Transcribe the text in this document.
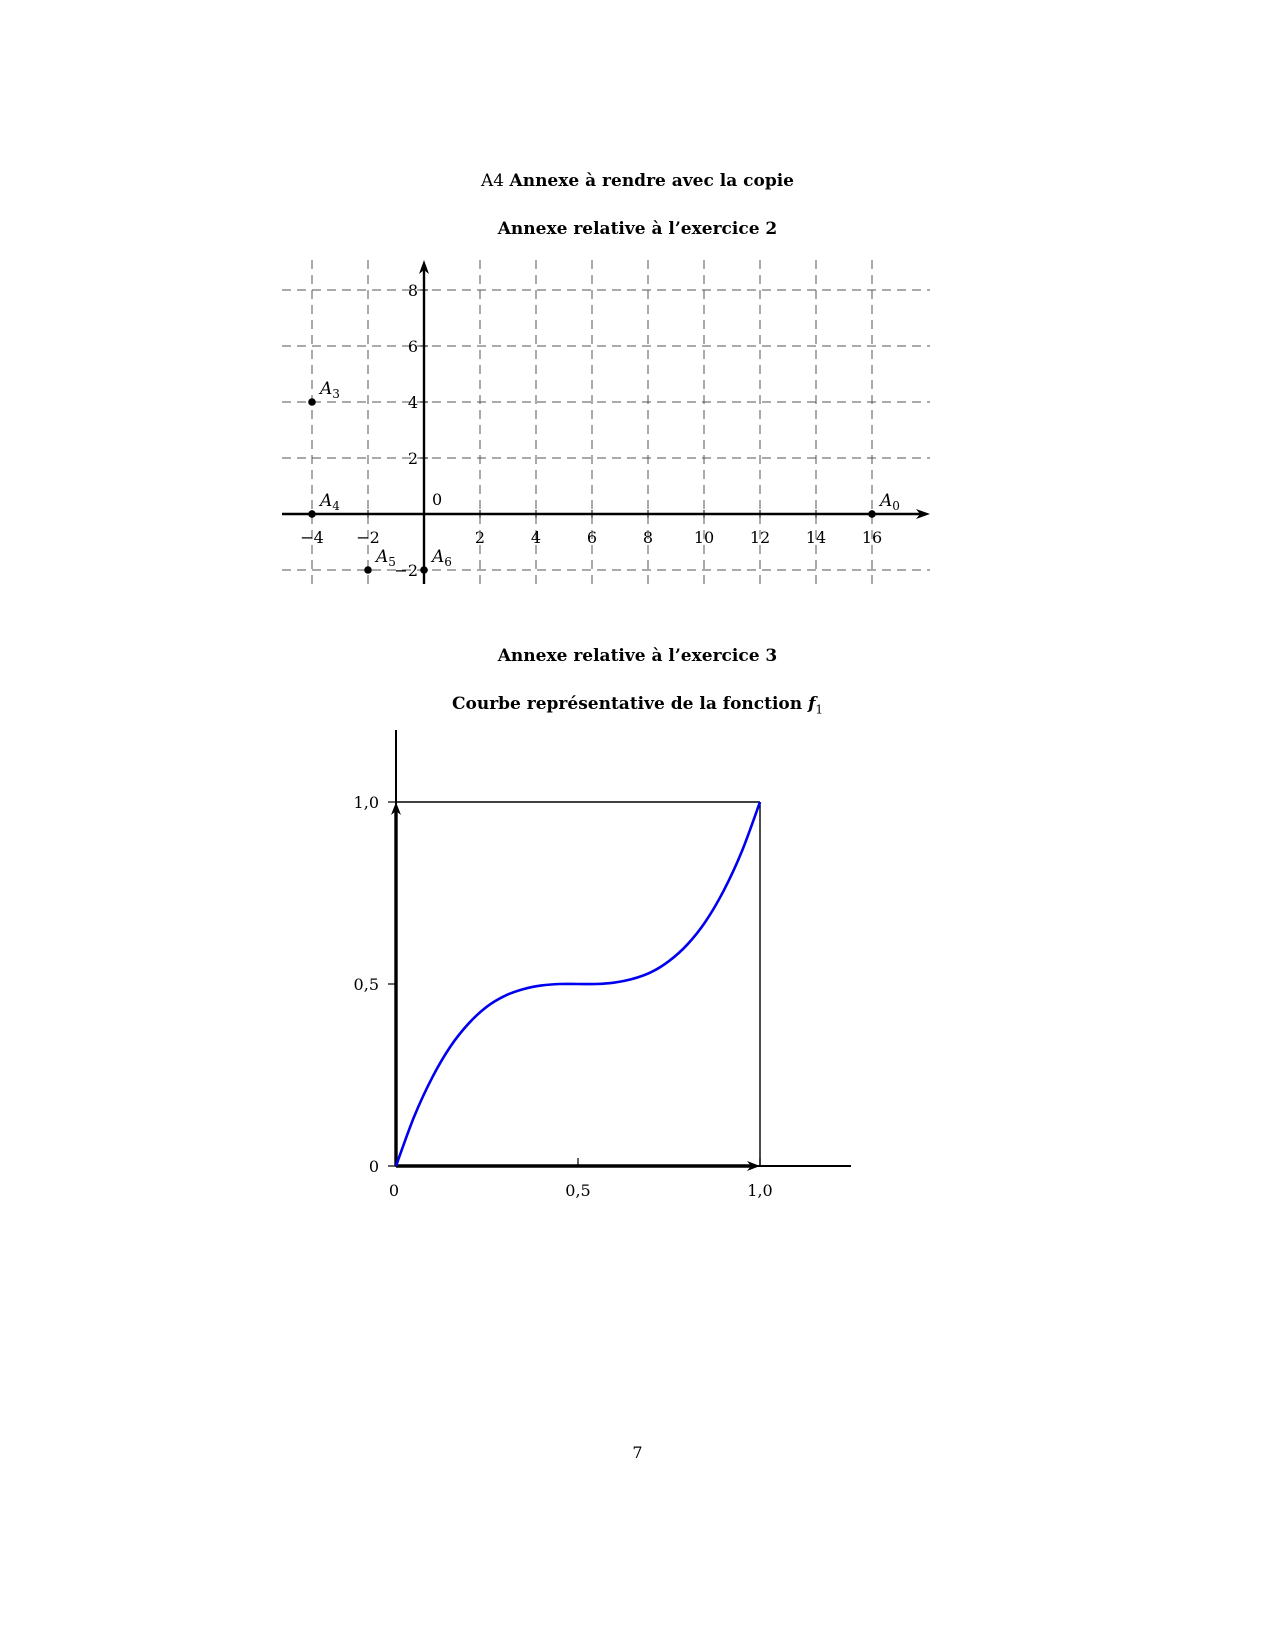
A4 Annexe à rendre avec la copie
Annexe relative à l’exercice 2
−4 −2	2	4	6	8	10 12 14 16
−2
2
4
6
8
0	$A_0$
$A_3$
$A_4$
$A_5$ $A_6$
Annexe relative à l’exercice 3
Courbe représentative de la fonction $f_1$
0	0,5	1,0
0
0,5
1,0
7
